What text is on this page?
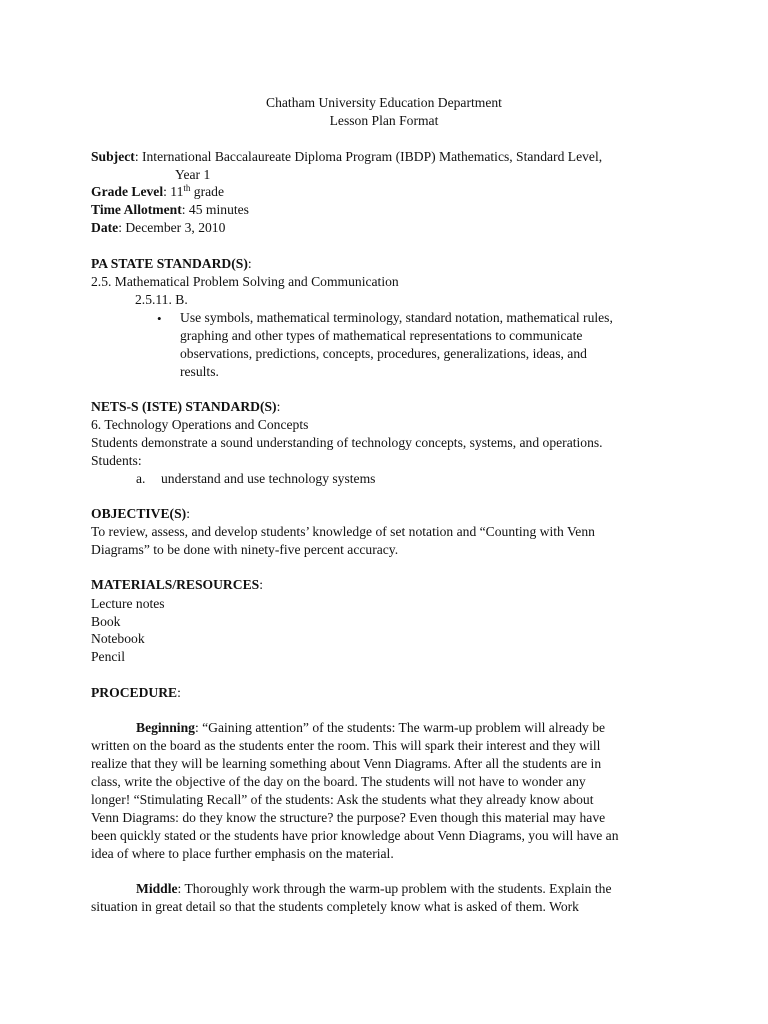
Chatham University Education Department
Lesson Plan Format
Subject: International Baccalaureate Diploma Program (IBDP) Mathematics, Standard Level,
Year 1
Grade Level: 11th grade
Time Allotment: 45 minutes
Date: December 3, 2010
PA STATE STANDARD(S):
2.5. Mathematical Problem Solving and Communication
2.5.11. B.
• Use symbols, mathematical terminology, standard notation, mathematical rules,
graphing and other types of mathematical representations to communicate
observations, predictions, concepts, procedures, generalizations, ideas, and
results.
NETS-S (ISTE) STANDARD(S):
6. Technology Operations and Concepts
Students demonstrate a sound understanding of technology concepts, systems, and operations.
Students:
a. understand and use technology systems
OBJECTIVE(S):
To review, assess, and develop students’ knowledge of set notation and “Counting with Venn
Diagrams” to be done with ninety-five percent accuracy.
MATERIALS/RESOURCES:
Lecture notes
Book
Notebook
Pencil
PROCEDURE:
Beginning: “Gaining attention” of the students: The warm-up problem will already be
written on the board as the students enter the room. This will spark their interest and they will
realize that they will be learning something about Venn Diagrams. After all the students are in
class, write the objective of the day on the board. The students will not have to wonder any
longer! “Stimulating Recall” of the students: Ask the students what they already know about
Venn Diagrams: do they know the structure? the purpose? Even though this material may have
been quickly stated or the students have prior knowledge about Venn Diagrams, you will have an
idea of where to place further emphasis on the material.
Middle: Thoroughly work through the warm-up problem with the students. Explain the
situation in great detail so that the students completely know what is asked of them. Work
